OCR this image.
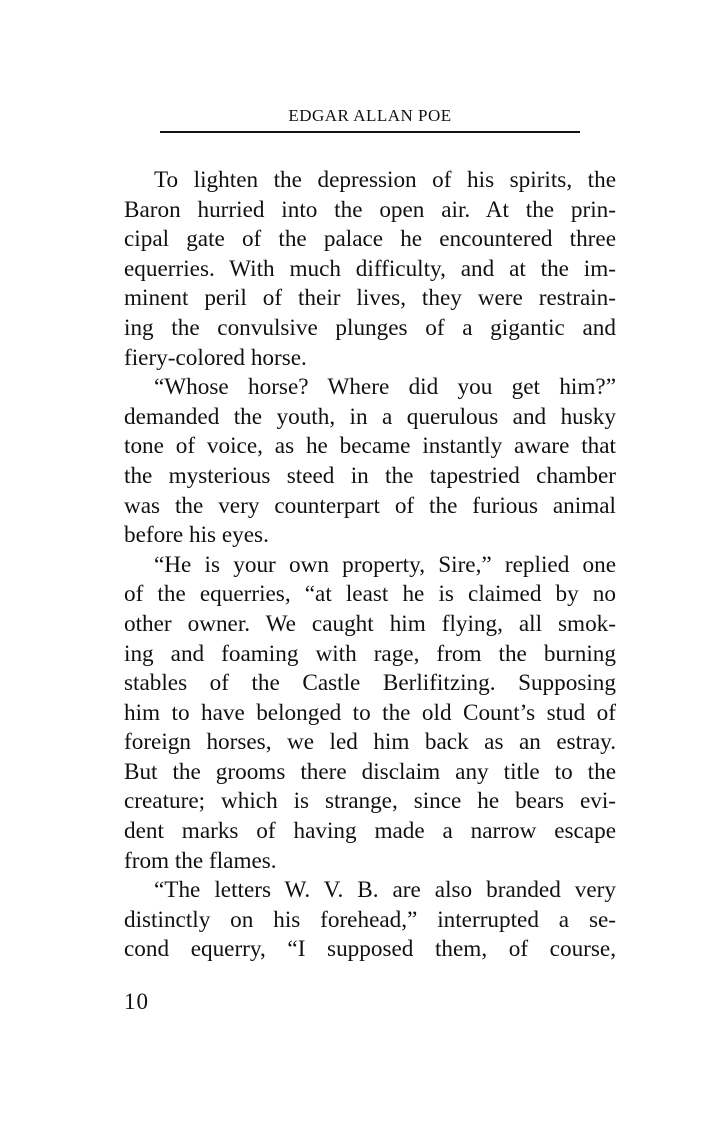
EDGAR ALLAN POE
To lighten the depression of his spirits, the
Baron hurried into the open air. At the prin-
cipal gate of the palace he encountered three
equerries. With much difficulty, and at the im-
minent peril of their lives, they were restrain-
ing the convulsive plunges of a gigantic and
fiery-colored horse.
“Whose horse? Where did you get him?”
demanded the youth, in a querulous and husky
tone of voice, as he became instantly aware that
the mysterious steed in the tapestried chamber
was the very counterpart of the furious animal
before his eyes.
“He is your own property, Sire,” replied one
of the equerries, “at least he is claimed by no
other owner. We caught him flying, all smok-
ing and foaming with rage, from the burning
stables of the Castle Berlifitzing. Supposing
him to have belonged to the old Count’s stud of
foreign horses, we led him back as an estray.
But the grooms there disclaim any title to the
creature; which is strange, since he bears evi-
dent marks of having made a narrow escape
from the flames.
“The letters W. V. B. are also branded very
distinctly on his forehead,” interrupted a se-
cond equerry, “I supposed them, of course,
10
